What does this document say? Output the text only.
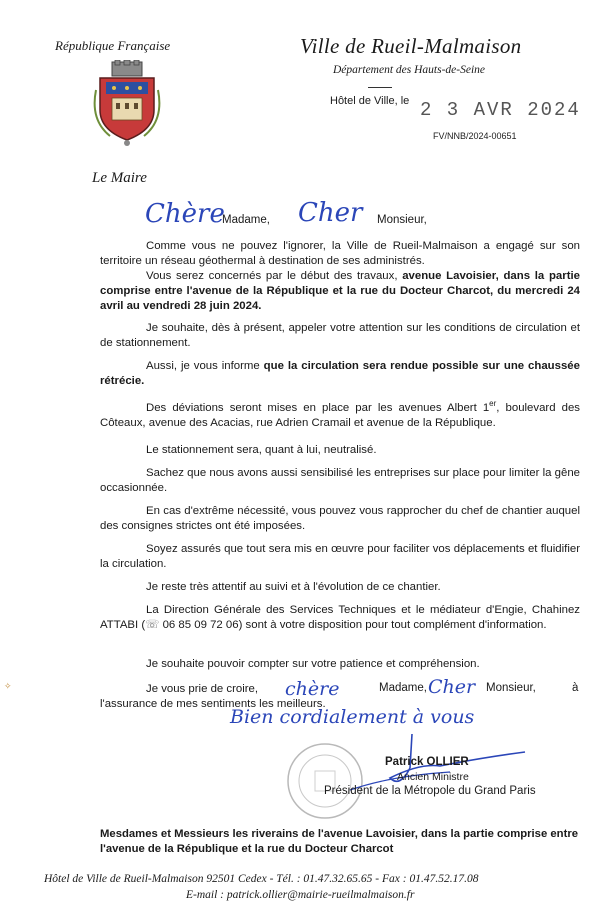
République Française	Ville de Rueil-Malmaison
Département des Hauts-de-Seine
Hôtel de Ville, le 2 3 AVR 2024
FV/NNB/2024-00651
Le Maire
Chère
Madame, Cher Monsieur,

Comme vous ne pouvez l'ignorer, la Ville de Rueil-Malmaison a engagé sur son territoire un réseau géothermal à destination de ses administrés.

Vous serez concernés par le début des travaux, avenue Lavoisier, dans la partie comprise entre l'avenue de la République et la rue du Docteur Charcot, du mercredi 24 avril au vendredi 28 juin 2024.

Je souhaite, dès à présent, appeler votre attention sur les conditions de circulation et de stationnement.

Aussi, je vous informe que la circulation sera rendue possible sur une chaussée rétrécie.

Des déviations seront mises en place par les avenues Albert 1er, boulevard des Côteaux, avenue des Acacias, rue Adrien Cramail et avenue de la République.

Le stationnement sera, quant à lui, neutralisé.

Sachez que nous avons aussi sensibilisé les entreprises sur place pour limiter la gêne occasionnée.

En cas d'extrême nécessité, vous pouvez vous rapprocher du chef de chantier auquel des consignes strictes ont été imposées.

Soyez assurés que tout sera mis en œuvre pour faciliter vos déplacements et fluidifier la circulation.

Je reste très attentif au suivi et à l'évolution de ce chantier.

La Direction Générale des Services Techniques et le médiateur d'Engie, Chahinez ATTABI (☏ 06 85 09 72 06) sont à votre disposition pour tout complément d'information.

Je souhaite pouvoir compter sur votre patience et compréhension.

Je vous prie de croire,

l'assurance de mes sentiments les meilleurs.

chère	Madame, Cher Monsieur,	à
Bien cordialement à vous
Patrick OLLIER
Ancien Ministre
Président de la Métropole du Grand Paris
Mesdames et Messieurs les riverains de l'avenue Lavoisier, dans la partie comprise entre l'avenue de la République et la rue du Docteur Charcot
Hôtel de Ville de Rueil-Malmaison 92501 Cedex - Tél. : 01.47.32.65.65 - Fax : 01.47.52.17.08
E-mail : patrick.ollier@mairie-rueilmalmaison.fr
✧
